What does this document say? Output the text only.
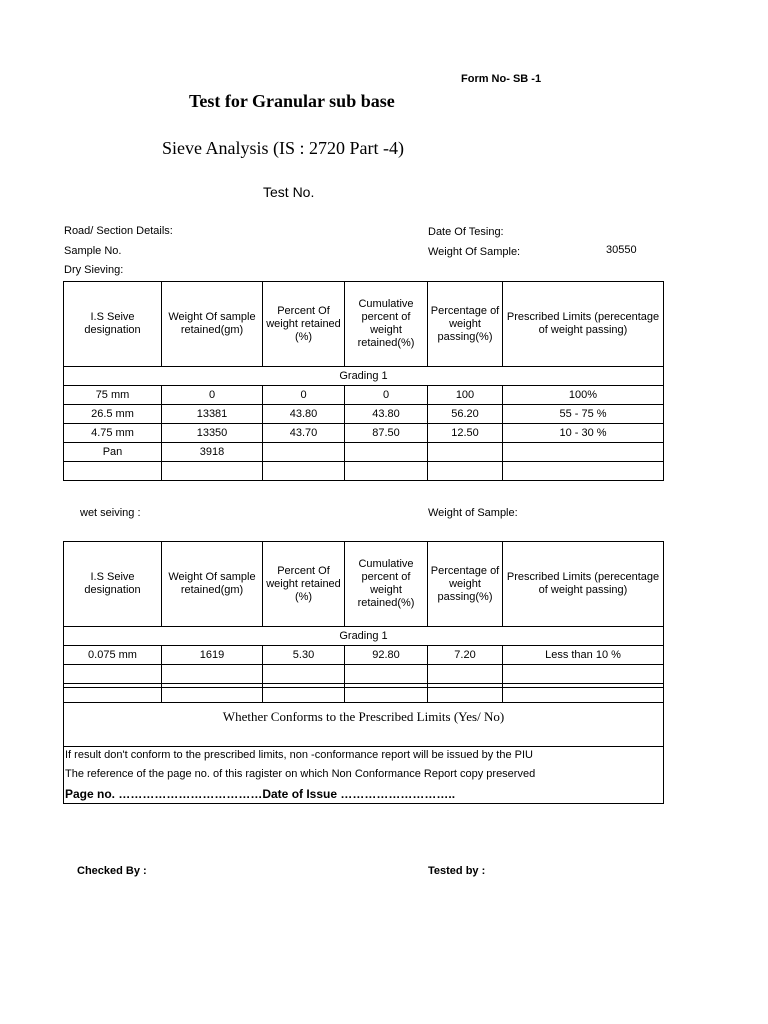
Form No- SB -1
Test for Granular sub base
Sieve Analysis (IS : 2720 Part -4)
Test No.
Road/ Section Details:	Date Of Tesing:
Sample No.	Weight Of Sample:	30550
Dry Sieving:
I.S Seive designation	Weight Of sample retained(gm)	Percent Of weight retained (%)	Cumulative percent of weight retained(%)	Percentage of weight passing(%)	Prescribed Limits (perecentage of weight passing)
Grading 1					
75 mm	0	0	0	100	100%
26.5 mm	13381	43.80	43.80	56.20	55 - 75 %
4.75 mm	13350	43.70	87.50	12.50	10 - 30 %
Pan	3918				

wet seiving :	Weight of Sample:
I.S Seive designation	Weight Of sample retained(gm)	Percent Of weight retained (%)	Cumulative percent of weight retained(%)	Percentage of weight passing(%)	Prescribed Limits (perecentage of weight passing)
Grading 1					
0.075 mm	1619	5.30	92.80	7.20	Less than 10 %

Whether Conforms to the Prescribed Limits (Yes/ No)
If result don't conform to the prescribed limits, non -conformance report will be issued by the PIU
The reference of the page no. of this ragister on which Non Conformance Report copy preserved
Page no. ………………………………Date of Issue ………………………..
Checked By :	Tested by :
